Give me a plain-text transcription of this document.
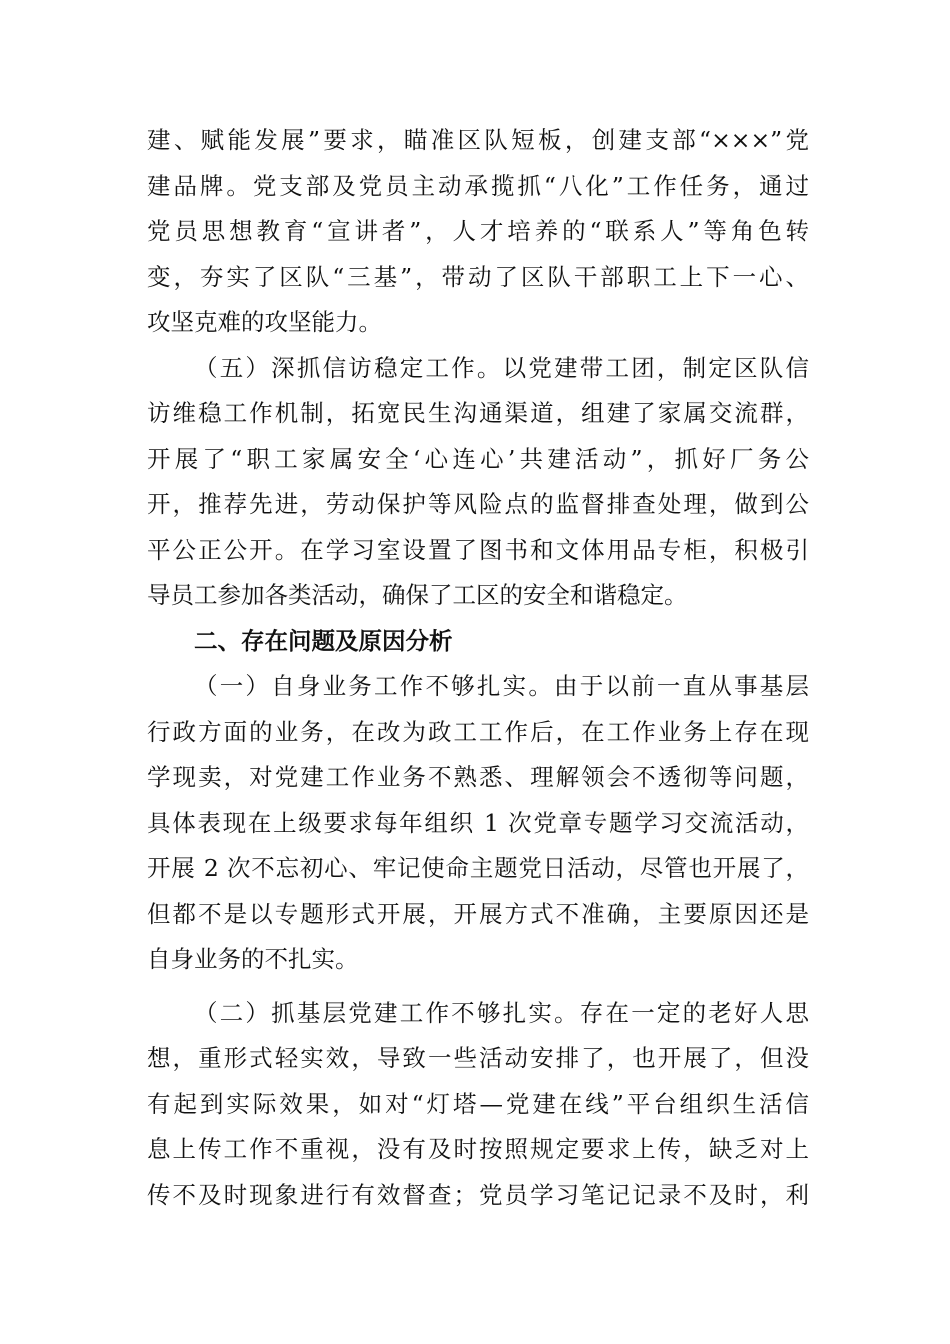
建、赋能发展”要求，瞄准区队短板，创建支部“×××”党
建品牌。党支部及党员主动承揽抓“八化”工作任务，通过
党员思想教育“宣讲者”，人才培养的“联系人”等角色转
变，夯实了区队“三基”，带动了区队干部职工上下一心、
攻坚克难的攻坚能力。
（五）深抓信访稳定工作。以党建带工团，制定区队信
访维稳工作机制，拓宽民生沟通渠道，组建了家属交流群，
开展了“职工家属安全‘心连心’共建活动”，抓好厂务公
开，推荐先进，劳动保护等风险点的监督排查处理，做到公
平公正公开。在学习室设置了图书和文体用品专柜，积极引
导员工参加各类活动，确保了工区的安全和谐稳定。
二、存在问题及原因分析
（一）自身业务工作不够扎实。由于以前一直从事基层
行政方面的业务，在改为政工工作后，在工作业务上存在现
学现卖，对党建工作业务不熟悉、理解领会不透彻等问题，
具体表现在上级要求每年组织 1 次党章专题学习交流活动，
开展 2 次不忘初心、牢记使命主题党日活动，尽管也开展了，
但都不是以专题形式开展，开展方式不准确，主要原因还是
自身业务的不扎实。
（二）抓基层党建工作不够扎实。存在一定的老好人思
想，重形式轻实效，导致一些活动安排了，也开展了，但没
有起到实际效果，如对“灯塔—党建在线”平台组织生活信
息上传工作不重视，没有及时按照规定要求上传，缺乏对上
传不及时现象进行有效督查；党员学习笔记记录不及时，利
